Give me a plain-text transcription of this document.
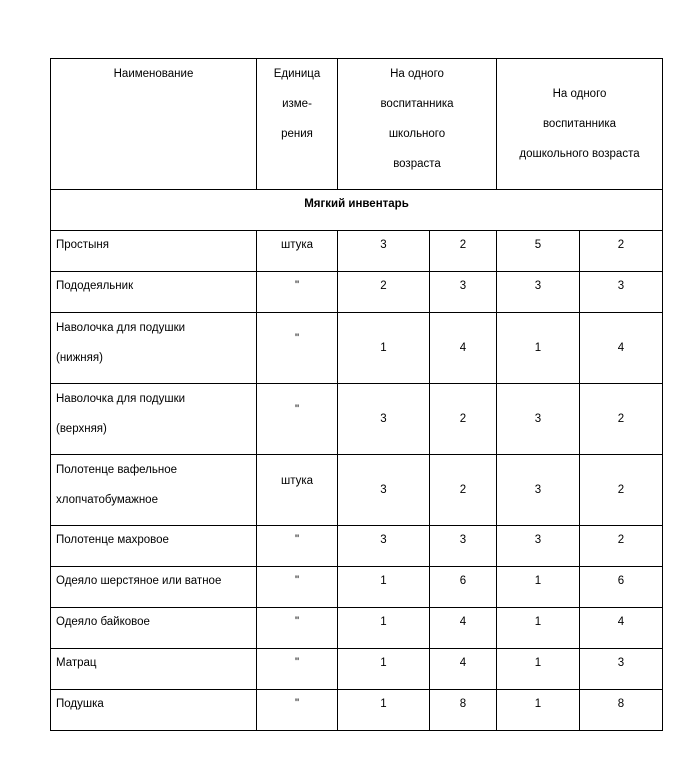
Наименование	Единица
изме-
рения	На одного
воспитанника
школьного
возраста		На одного
воспитанника
дошкольного возраста	

Мягкий инвентарь					

Простыня	штука	3	2	5	2

Пододеяльник	"	2	3	3	3

Наволочка для подушки
(нижняя)	"	1	4	1	4

Наволочка для подушки
(верхняя)	"	3	2	3	2

Полотенце вафельное
хлопчатобумажное	штука	3	2	3	2

Полотенце махровое	"	3	3	3	2

Одеяло шерстяное или ватное	"	1	6	1	6

Одеяло байковое	"	1	4	1	4

Матрац	"	1	4	1	3

Подушка	"	1	8	1	8
